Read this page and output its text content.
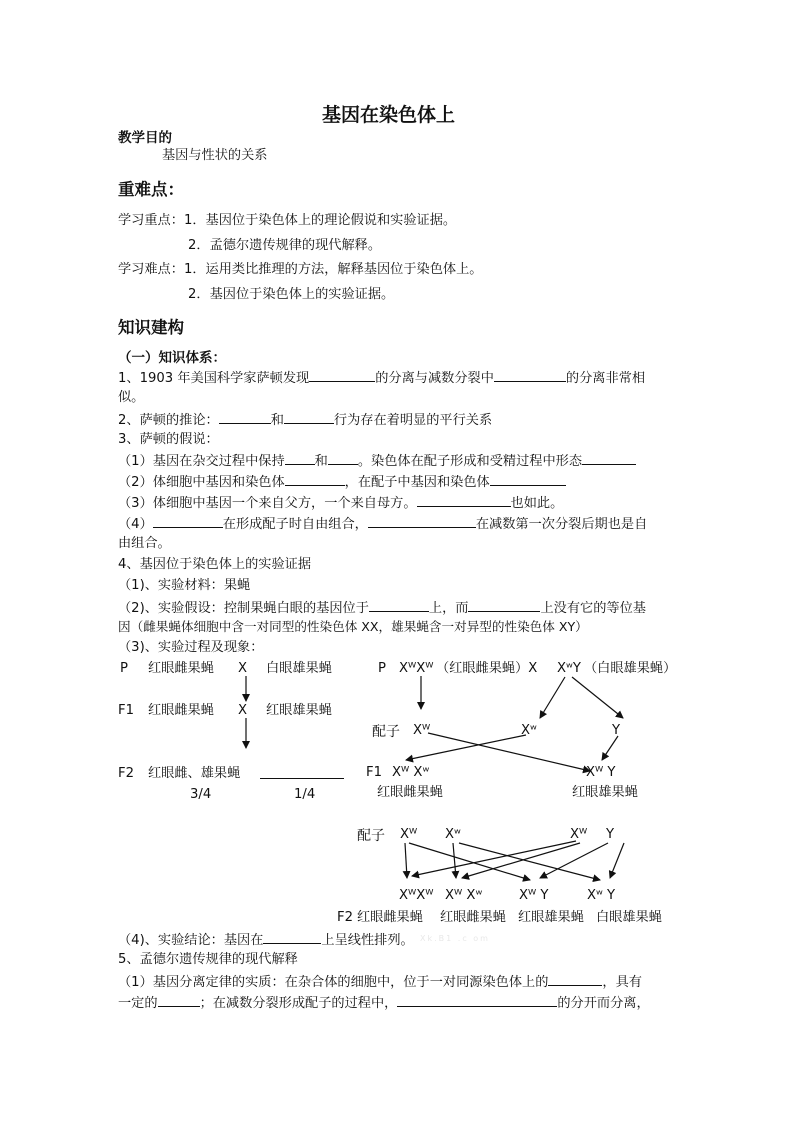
基因在染色体上
教学目的
基因与性状的关系
重难点：
学习重点：1．基因位于染色体上的理论假说和实验证据。
2．孟德尔遗传规律的现代解释。
学习难点：1．运用类比推理的方法，解释基因位于染色体上。
2．基因位于染色体上的实验证据。
知识建构
（一）知识体系：
1、1903 年美国科学家萨顿发现	的分离与减数分裂中	的分离非常相
似。
2、萨顿的推论：	和	行为存在着明显的平行关系
3、萨顿的假说：
（1）基因在杂交过程中保持 和 。染色体在配子形成和受精过程中形态
（2）体细胞中基因和染色体	，在配子中基因和染色体
（3）体细胞中基因一个来自父方，一个来自母方。	也如此。
（4）	在形成配子时自由组合，	在减数第一次分裂后期也是自
由组合。
4、基因位于染色体上的实验证据
（1)、实验材料：果蝇
（2)、实验假设：控制果蝇白眼的基因位于	上，而	上没有它的等位基
因（雌果蝇体细胞中含一对同型的性染色体 XX，雄果蝇含一对异型的性染色体 XY）
（3)、实验过程及现象：
P 红眼雌果蝇 X 白眼雄果蝇
F1 红眼雌果蝇 X 红眼雄果蝇
F2 红眼雌、雄果蝇
3/4	1/4
P XᵂXᵂ （红眼雌果蝇）X XʷY （白眼雄果蝇）
配子 Xᵂ	Xʷ	Y
F1 Xᵂ Xʷ	Xᵂ Y
红眼雌果蝇	红眼雄果蝇
配子 Xᵂ Xʷ	Xᵂ Y
XᵂXᵂ Xᵂ Xʷ	Xᵂ Y	Xʷ Y
F2 红眼雌果蝇 红眼雌果蝇 红眼雄果蝇 白眼雄果蝇
（4)、实验结论：基因在	上呈线性排列。 Xk.B1 .c om
5、孟德尔遗传规律的现代解释
（1）基因分离定律的实质：在杂合体的细胞中，位于一对同源染色体上的	，具有
一定的	；在减数分裂形成配子的过程中，	的分开而分离，
